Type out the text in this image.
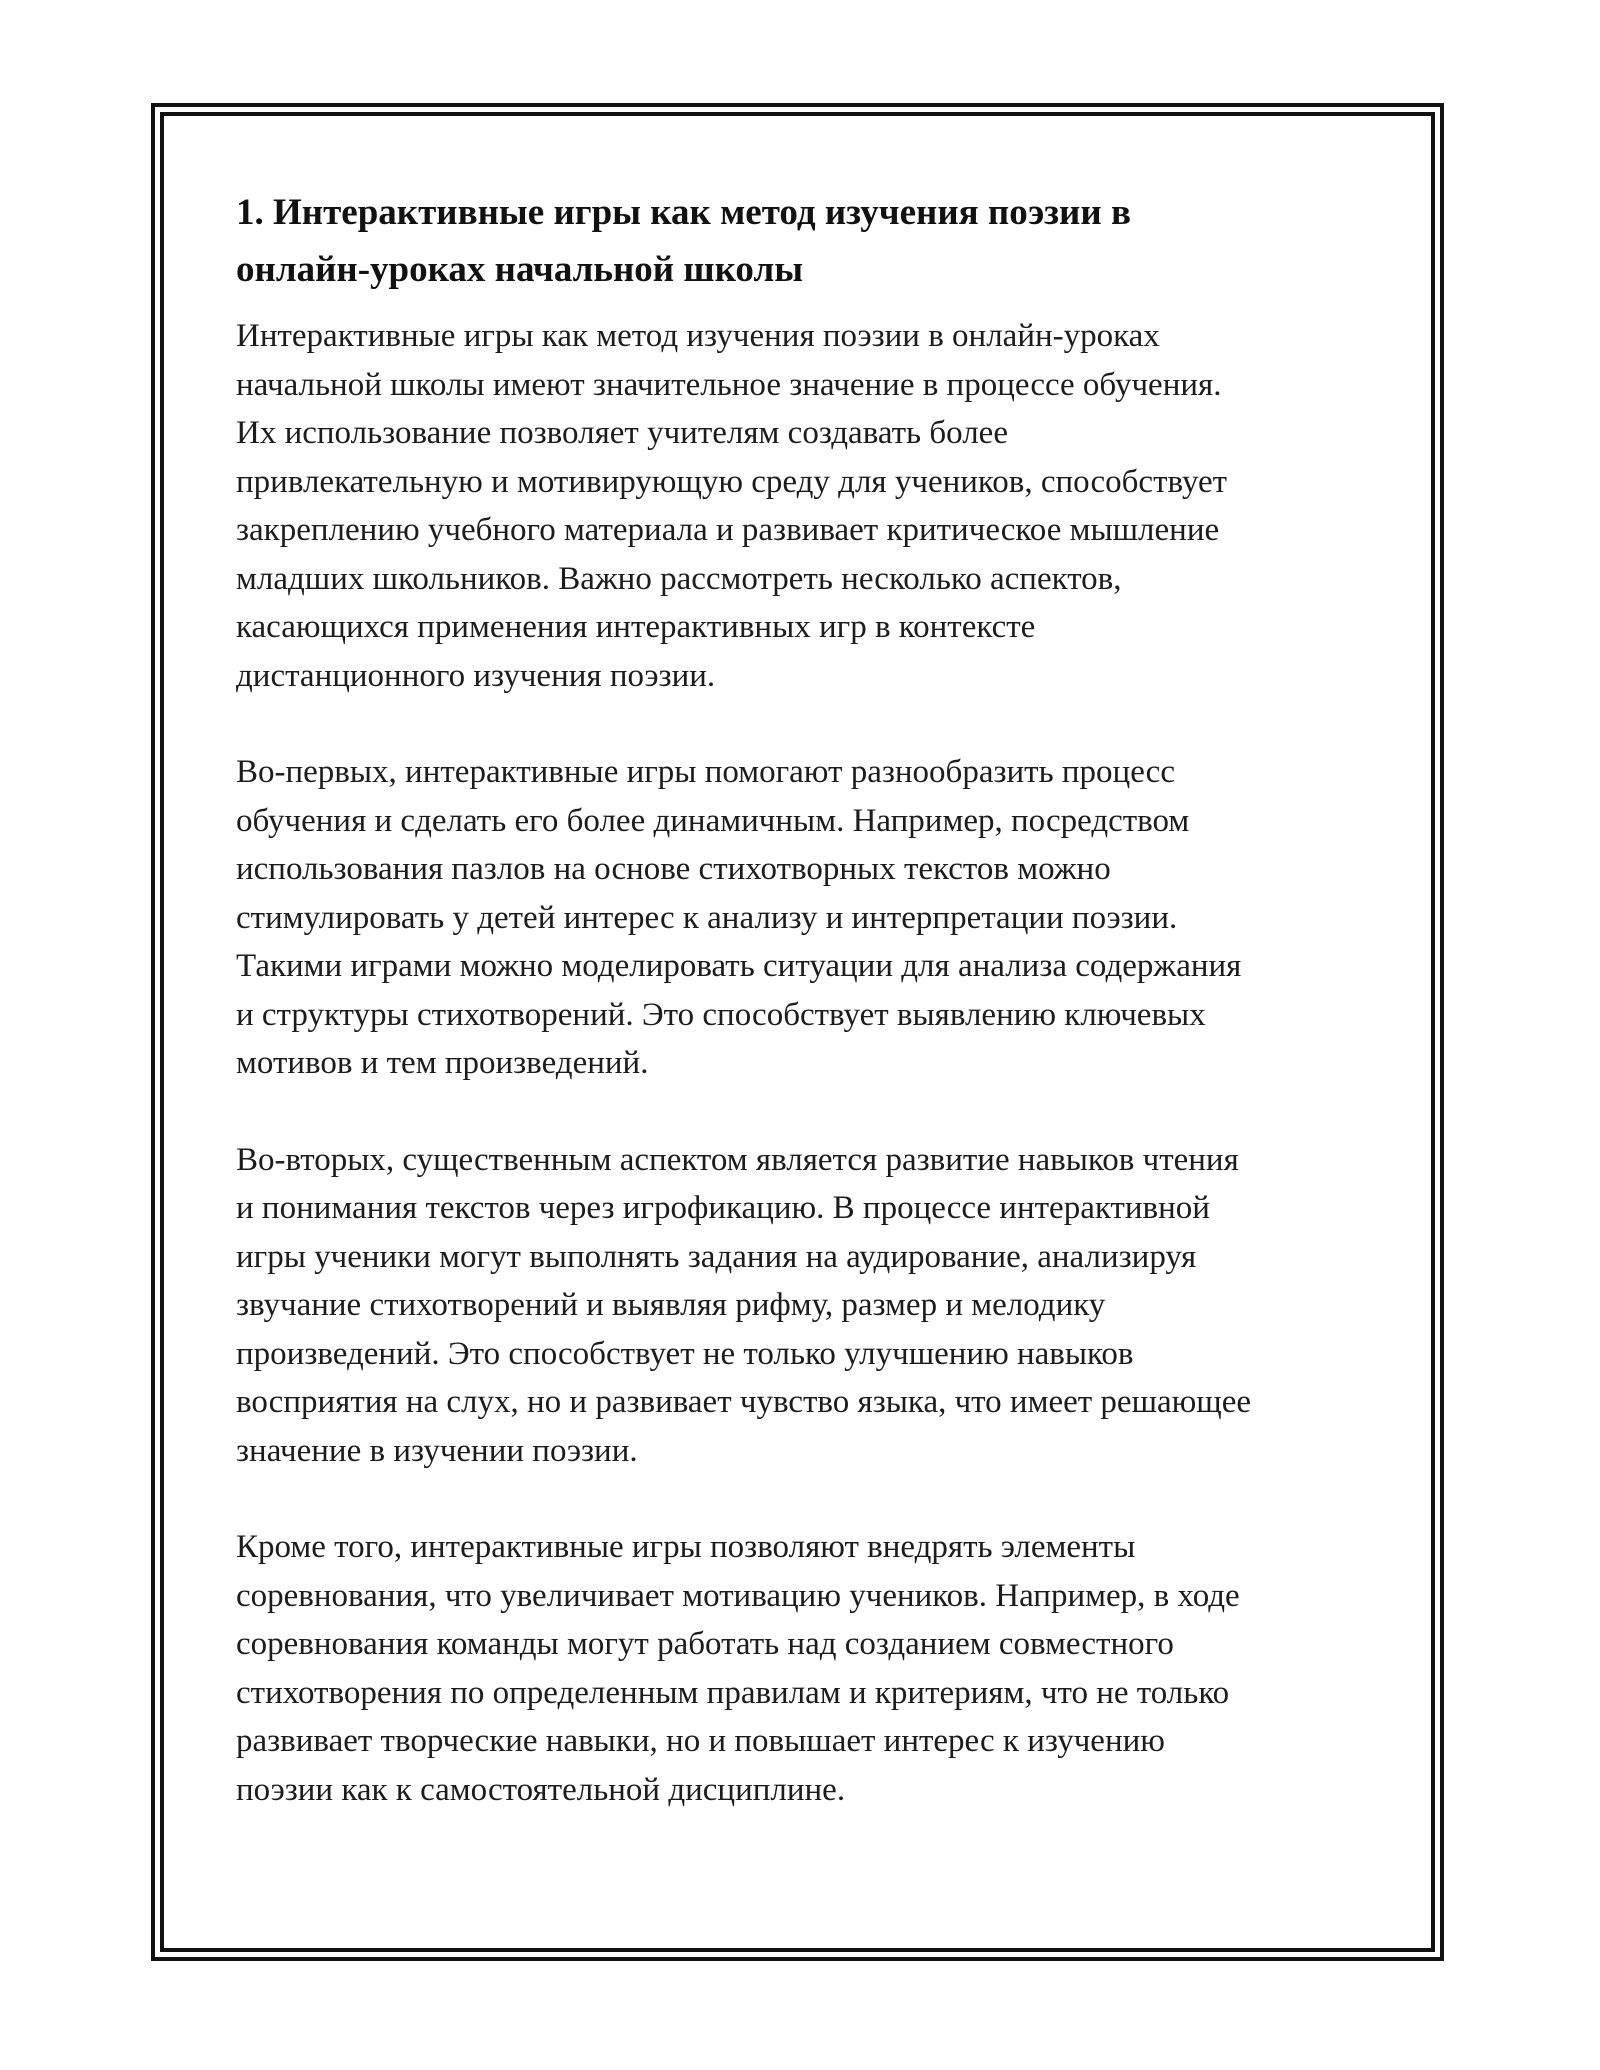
1. Интерактивные игры как метод изучения поэзии в
онлайн-уроках начальной школы

Интерактивные игры как метод изучения поэзии в онлайн-уроках
начальной школы имеют значительное значение в процессе обучения.
Их использование позволяет учителям создавать более
привлекательную и мотивирующую среду для учеников, способствует
закреплению учебного материала и развивает критическое мышление
младших школьников. Важно рассмотреть несколько аспектов,
касающихся применения интерактивных игр в контексте
дистанционного изучения поэзии.

Во-первых, интерактивные игры помогают разнообразить процесс
обучения и сделать его более динамичным. Например, посредством
использования пазлов на основе стихотворных текстов можно
стимулировать у детей интерес к анализу и интерпретации поэзии.
Такими играми можно моделировать ситуации для анализа содержания
и структуры стихотворений. Это способствует выявлению ключевых
мотивов и тем произведений.

Во-вторых, существенным аспектом является развитие навыков чтения
и понимания текстов через игрофикацию. В процессе интерактивной
игры ученики могут выполнять задания на аудирование, анализируя
звучание стихотворений и выявляя рифму, размер и мелодику
произведений. Это способствует не только улучшению навыков
восприятия на слух, но и развивает чувство языка, что имеет решающее
значение в изучении поэзии.

Кроме того, интерактивные игры позволяют внедрять элементы
соревнования, что увеличивает мотивацию учеников. Например, в ходе
соревнования команды могут работать над созданием совместного
стихотворения по определенным правилам и критериям, что не только
развивает творческие навыки, но и повышает интерес к изучению
поэзии как к самостоятельной дисциплине.
